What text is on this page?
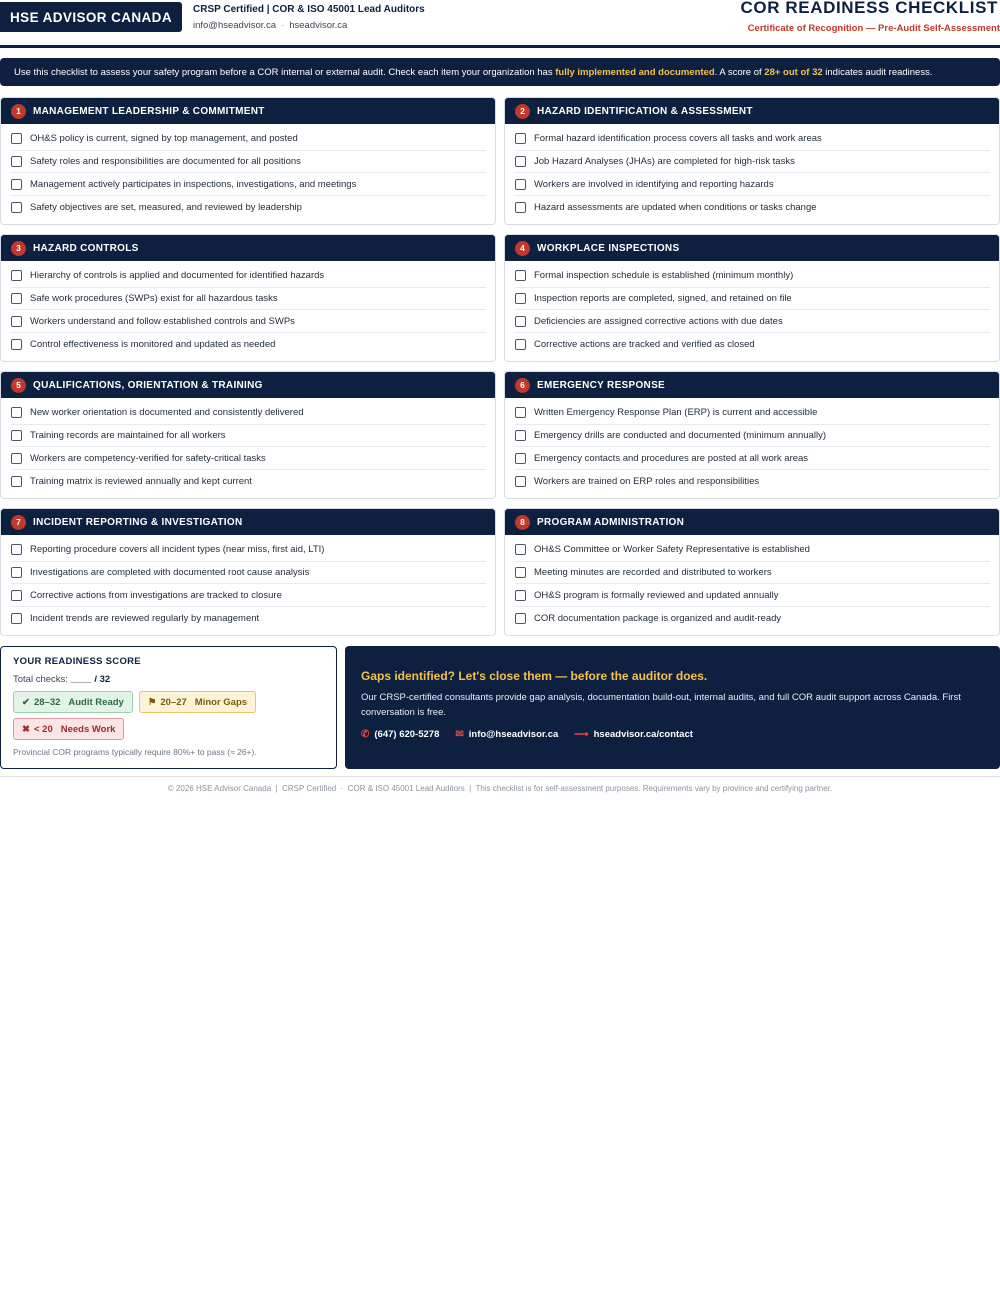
HSE ADVISOR CANADA	CRSP Certified | COR & ISO 45001 Lead Auditors
info@hseadvisor.ca · hseadvisor.ca
COR READINESS CHECKLIST
Certificate of Recognition — Pre-Audit Self-Assessment
Use this checklist to assess your safety program before a COR internal or external audit. Check each item your organization has fully implemented and documented. A score of 28+ out of 32 indicates audit readiness.
1	MANAGEMENT LEADERSHIP & COMMITMENT
OH&S policy is current, signed by top management, and posted
Safety roles and responsibilities are documented for all positions
Management actively participates in inspections, investigations, and meetings
Safety objectives are set, measured, and reviewed by leadership
2	HAZARD IDENTIFICATION & ASSESSMENT
Formal hazard identification process covers all tasks and work areas
Job Hazard Analyses (JHAs) are completed for high-risk tasks
Workers are involved in identifying and reporting hazards
Hazard assessments are updated when conditions or tasks change
3	HAZARD CONTROLS
Hierarchy of controls is applied and documented for identified hazards
Safe work procedures (SWPs) exist for all hazardous tasks
Workers understand and follow established controls and SWPs
Control effectiveness is monitored and updated as needed
4	WORKPLACE INSPECTIONS
Formal inspection schedule is established (minimum monthly)
Inspection reports are completed, signed, and retained on file
Deficiencies are assigned corrective actions with due dates
Corrective actions are tracked and verified as closed
5	QUALIFICATIONS, ORIENTATION & TRAINING
New worker orientation is documented and consistently delivered
Training records are maintained for all workers
Workers are competency-verified for safety-critical tasks
Training matrix is reviewed annually and kept current
6	EMERGENCY RESPONSE
Written Emergency Response Plan (ERP) is current and accessible
Emergency drills are conducted and documented (minimum annually)
Emergency contacts and procedures are posted at all work areas
Workers are trained on ERP roles and responsibilities
7	INCIDENT REPORTING & INVESTIGATION
Reporting procedure covers all incident types (near miss, first aid, LTI)
Investigations are completed with documented root cause analysis
Corrective actions from investigations are tracked to closure
Incident trends are reviewed regularly by management
8	PROGRAM ADMINISTRATION
OH&S Committee or Worker Safety Representative is established
Meeting minutes are recorded and distributed to workers
OH&S program is formally reviewed and updated annually
COR documentation package is organized and audit-ready
YOUR READINESS SCORE
Total checks: ____ / 32
✔ 28–32 Audit Ready	⚑ 20–27 Minor Gaps
✖ < 20 Needs Work
Provincial COR programs typically require 80%+ to pass (≈ 26+).
Gaps identified? Let's close them — before the auditor does.
Our CRSP-certified consultants provide gap analysis, documentation build-out, internal audits, and full COR audit support across Canada. First conversation is free.
✆ (647) 620-5278 ✉ info@hseadvisor.ca ⟶ hseadvisor.ca/contact
© 2026 HSE Advisor Canada  |  CRSP Certified  ·  COR & ISO 45001 Lead Auditors  |  This checklist is for self-assessment purposes. Requirements vary by province and certifying partner.
